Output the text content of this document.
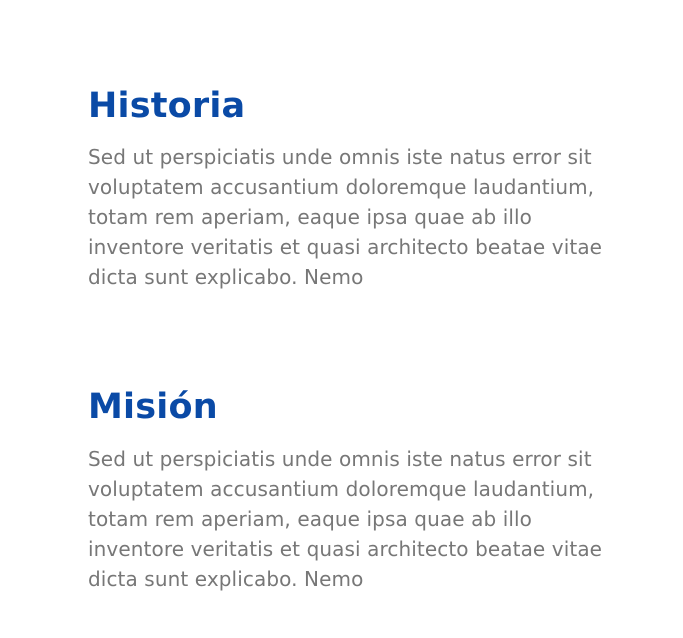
Historia

Sed ut perspiciatis unde omnis iste natus error sit voluptatem accusantium doloremque laudantium, totam rem aperiam, eaque ipsa quae ab illo inventore veritatis et quasi architecto beatae vitae dicta sunt explicabo. Nemo

Misión

Sed ut perspiciatis unde omnis iste natus error sit voluptatem accusantium doloremque laudantium, totam rem aperiam, eaque ipsa quae ab illo inventore veritatis et quasi architecto beatae vitae dicta sunt explicabo. Nemo
